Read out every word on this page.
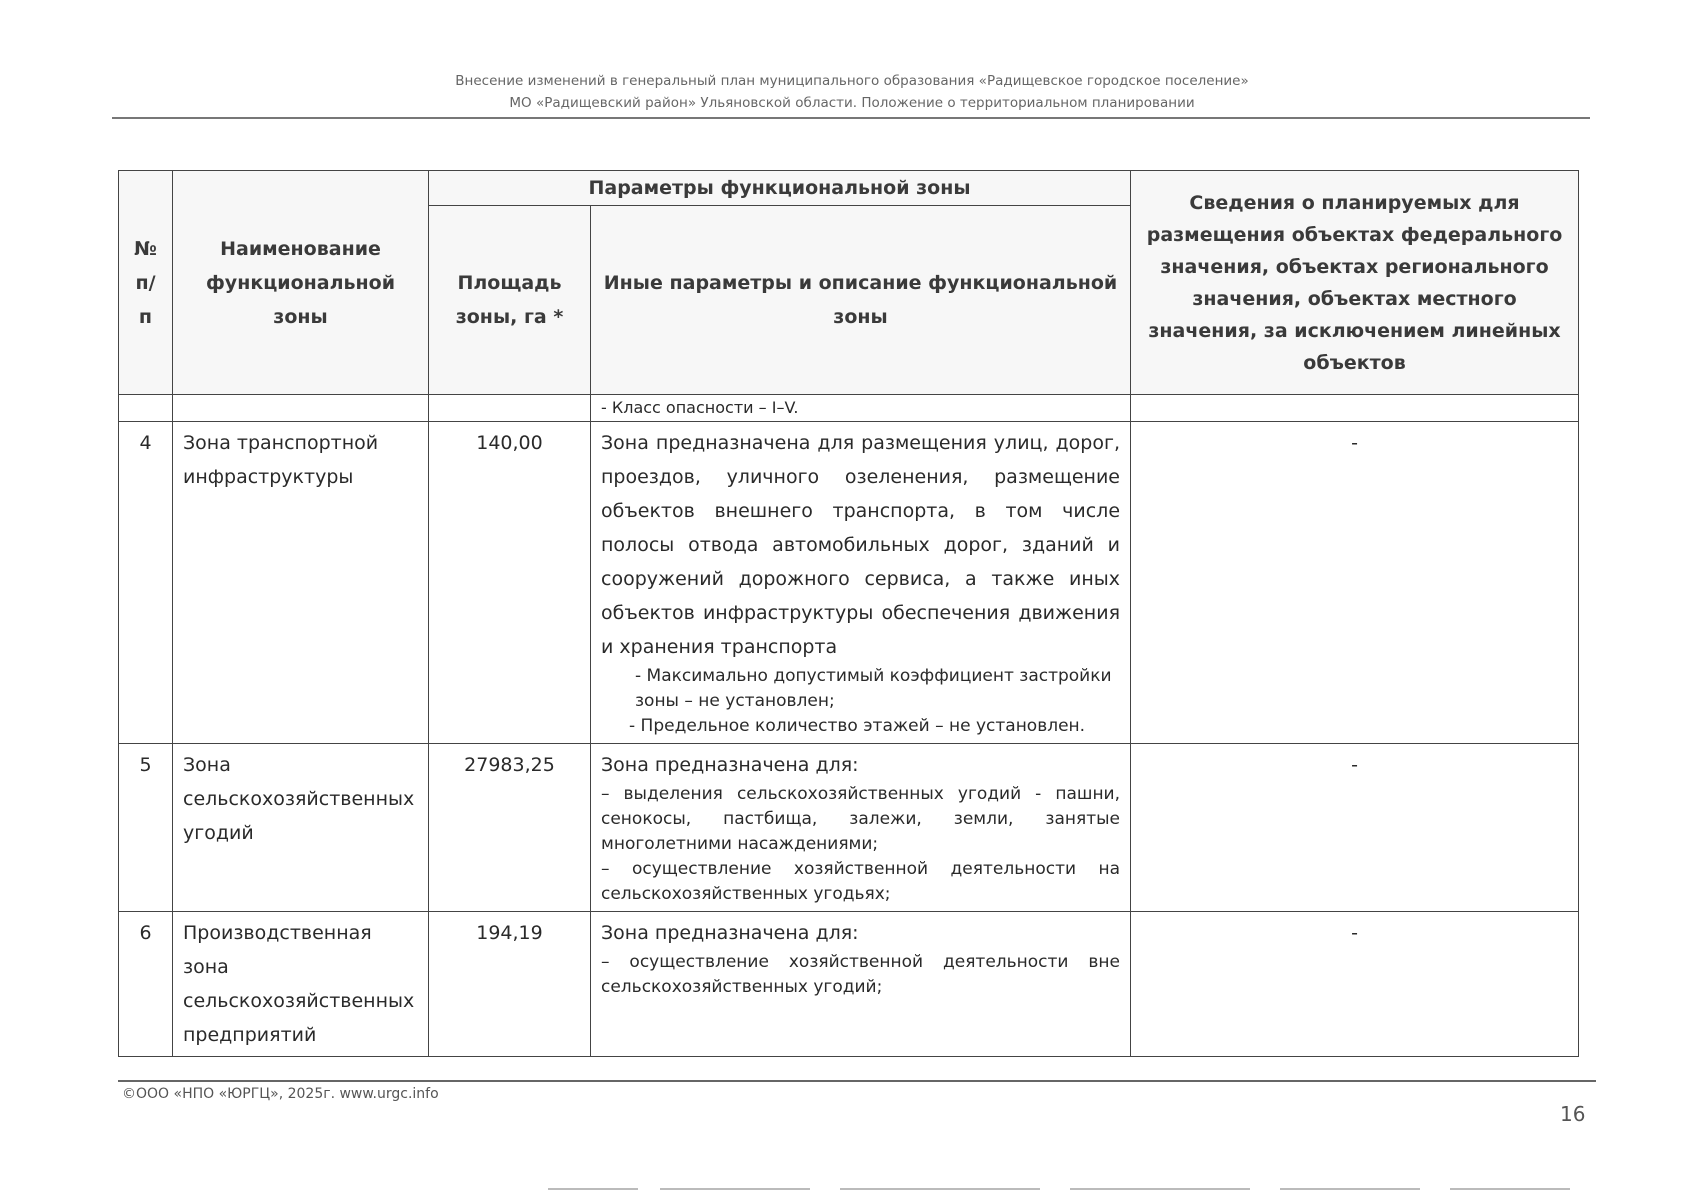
Внесение изменений в генеральный план муниципального образования «Радищевское городское поселение»
МО «Радищевский район» Ульяновской области. Положение о территориальном планировании
№ п/п	Наименование функциональной зоны	Параметры функциональной зоны		Сведения о планируемых для размещения объектах федерального значения, объектах регионального значения, объектах местного значения, за исключением линейных объектов
		Площадь зоны, га *	Иные параметры и описание функциональной зоны	
			- Класс опасности – I–V.	
4	Зона транспортной инфраструктуры	140,00	Зона предназначена для размещения улиц, дорог, проездов, уличного озеленения, размещение объектов внешнего транспорта, в том числе полосы отвода автомобильных дорог, зданий и сооружений дорожного сервиса, а также иных объектов инфраструктуры обеспечения движения и хранения транспорта
- Максимально допустимый коэффициент застройки зоны – не установлен;
- Предельное количество этажей – не установлен.	-
5	Зона сельскохозяйственных угодий	27983,25	Зона предназначена для:
– выделения сельскохозяйственных угодий - пашни, сенокосы, пастбища, залежи, земли, занятые многолетними насаждениями;
– осуществление хозяйственной деятельности на сельскохозяйственных угодьях;	-
6	Производственная зона сельскохозяйственных предприятий	194,19	Зона предназначена для:
– осуществление хозяйственной деятельности вне сельскохозяйственных угодий;	-
©ООО «НПО «ЮРГЦ», 2025г. www.urgc.info
16
